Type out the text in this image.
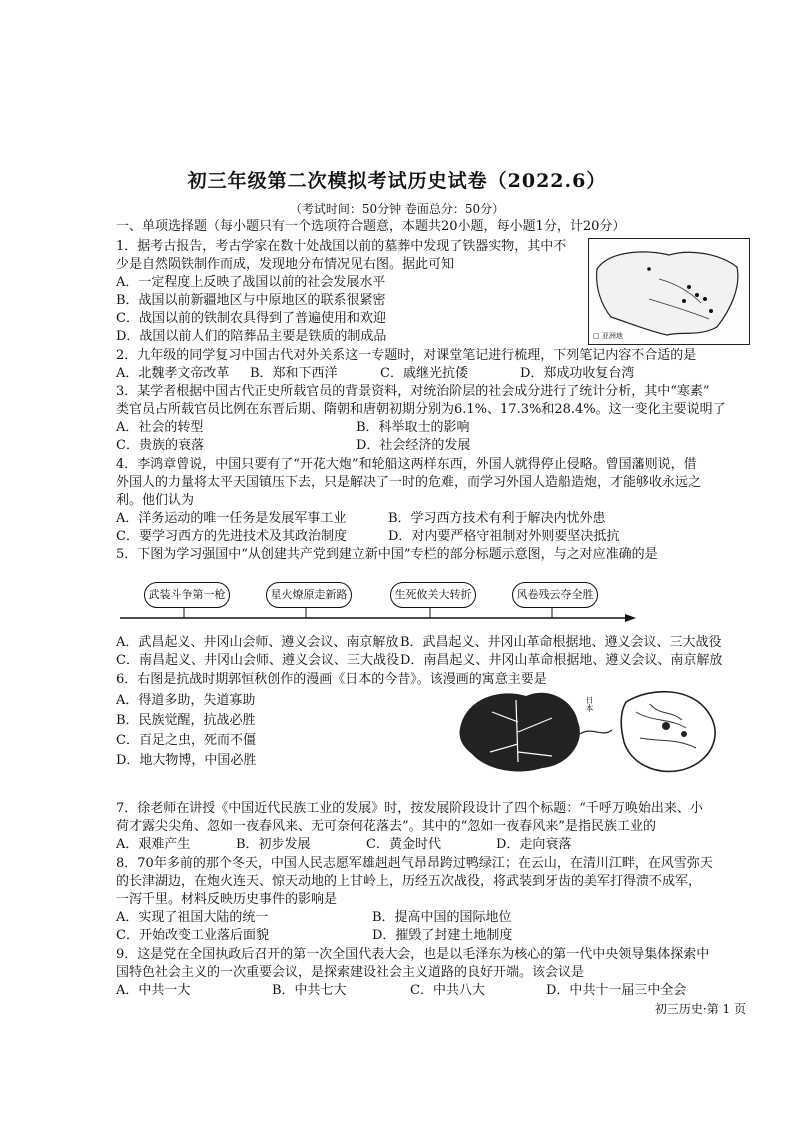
初三年级第二次模拟考试历史试卷（2022.6）
（考试时间：50分钟 卷面总分：50分）
一、单项选择题（每小题只有一个选项符合题意，本题共20小题，每小题1分，计20分）
1．据考古报告，考古学家在数十处战国以前的墓葬中发现了铁器实物，其中不
少是自然陨铁制作而成，发现地分布情况见右图。据此可知
A．一定程度上反映了战国以前的社会发展水平
B．战国以前新疆地区与中原地区的联系很紧密
C．战国以前的铁制农具得到了普遍使用和欢迎
D．战国以前人们的陪葬品主要是铁质的制成品	□ 亚洲地
2．九年级的同学复习中国古代对外关系这一专题时，对课堂笔记进行梳理，下列笔记内容不合适的是
A．北魏孝文帝改革 B．郑和下西洋	C．戚继光抗倭	D．郑成功收复台湾
3．某学者根据中国古代正史所载官员的背景资料，对统治阶层的社会成分进行了统计分析，其中“寒素”
类官员占所载官员比例在东晋后期、隋朝和唐朝初期分别为6.1%、17.3%和28.4%。这一变化主要说明了
A．社会的转型	B．科举取士的影响
C．贵族的衰落	D．社会经济的发展
4．李鸿章曾说，中国只要有了“开花大炮”和轮船这两样东西，外国人就得停止侵略。曾国藩则说，借
外国人的力量将太平天国镇压下去，只是解决了一时的危难，而学习外国人造船造炮，才能够收永远之
利。他们认为
A．洋务运动的唯一任务是发展军事工业	B．学习西方技术有利于解决内忧外患
C．要学习西方的先进技术及其政治制度	D．对内要严格守祖制对外则要坚决抵抗
5．下图为学习强国中“从创建共产党到建立新中国”专栏的部分标题示意图，与之对应准确的是
武装斗争第一枪	星火燎原走新路	生死攸关大转折	风卷残云夺全胜
A．武昌起义、井冈山会师、遵义会议、南京解放 B．武昌起义、井冈山革命根据地、遵义会议、三大战役
C．南昌起义、井冈山会师、遵义会议、三大战役 D．南昌起义、井冈山革命根据地、遵义会议、南京解放
6．右图是抗战时期郭恒秋创作的漫画《日本的今昔》。该漫画的寓意主要是
A．得道多助，失道寡助
B．民族觉醒，抗战必胜
C．百足之虫，死而不僵
D．地大物博，中国必胜
日本
7．徐老师在讲授《中国近代民族工业的发展》时，按发展阶段设计了四个标题：“千呼万唤始出来、小
荷才露尖尖角、忽如一夜春风来、无可奈何花落去”。其中的“忽如一夜春风来”是指民族工业的
A．艰难产生	B．初步发展	C．黄金时代	D．走向衰落
8．70年多前的那个冬天，中国人民志愿军雄赳赳气昂昂跨过鸭绿江；在云山，在清川江畔，在风雪弥天
的长津湖边，在炮火连天、惊天动地的上甘岭上，历经五次战役，将武装到牙齿的美军打得溃不成军，
一泻千里。材料反映历史事件的影响是
A．实现了祖国大陆的统一	B．提高中国的国际地位
C．开始改变工业落后面貌	D．摧毁了封建土地制度
9．这是党在全国执政后召开的第一次全国代表大会，也是以毛泽东为核心的第一代中央领导集体探索中
国特色社会主义的一次重要会议，是探索建设社会主义道路的良好开端。该会议是
A．中共一大	B．中共七大	C．中共八大	D．中共十一届三中全会
初三历史·第 1 页
